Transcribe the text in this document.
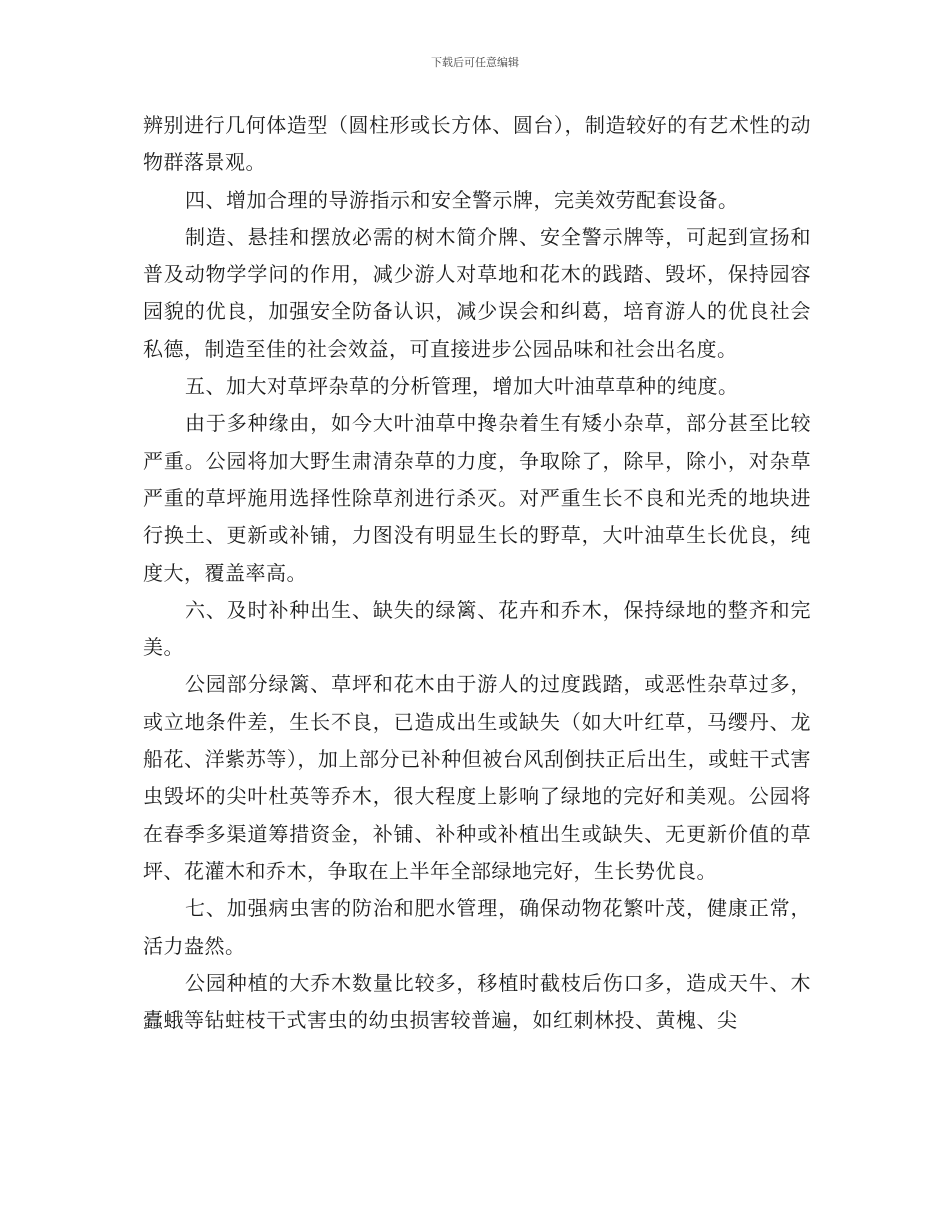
下载后可任意编辑

辨别进行几何体造型（圆柱形或长方体、圆台），制造较好的有艺术性的动物群落景观。

四、增加合理的导游指示和安全警示牌，完美效劳配套设备。

制造、悬挂和摆放必需的树木简介牌、安全警示牌等，可起到宣扬和普及动物学学问的作用，减少游人对草地和花木的践踏、毁坏，保持园容园貌的优良，加强安全防备认识，减少误会和纠葛，培育游人的优良社会私德，制造至佳的社会效益，可直接进步公园品味和社会出名度。

五、加大对草坪杂草的分析管理，增加大叶油草草种的纯度。

由于多种缘由，如今大叶油草中搀杂着生有矮小杂草，部分甚至比较严重。公园将加大野生肃清杂草的力度，争取除了，除早，除小，对杂草严重的草坪施用选择性除草剂进行杀灭。对严重生长不良和光秃的地块进行换土、更新或补铺，力图没有明显生长的野草，大叶油草生长优良，纯度大，覆盖率高。

六、及时补种出生、缺失的绿篱、花卉和乔木，保持绿地的整齐和完美。

公园部分绿篱、草坪和花木由于游人的过度践踏，或恶性杂草过多，或立地条件差，生长不良，已造成出生或缺失（如大叶红草，马缨丹、龙船花、洋紫苏等），加上部分已补种但被台风刮倒扶正后出生，或蛀干式害虫毁坏的尖叶杜英等乔木，很大程度上影响了绿地的完好和美观。公园将在春季多渠道筹措资金，补铺、补种或补植出生或缺失、无更新价值的草坪、花灌木和乔木，争取在上半年全部绿地完好，生长势优良。

七、加强病虫害的防治和肥水管理，确保动物花繁叶茂，健康正常，活力盎然。

公园种植的大乔木数量比较多，移植时截枝后伤口多，造成天牛、木蠹蛾等钻蛀枝干式害虫的幼虫损害较普遍，如红刺林投、黄槐、尖
